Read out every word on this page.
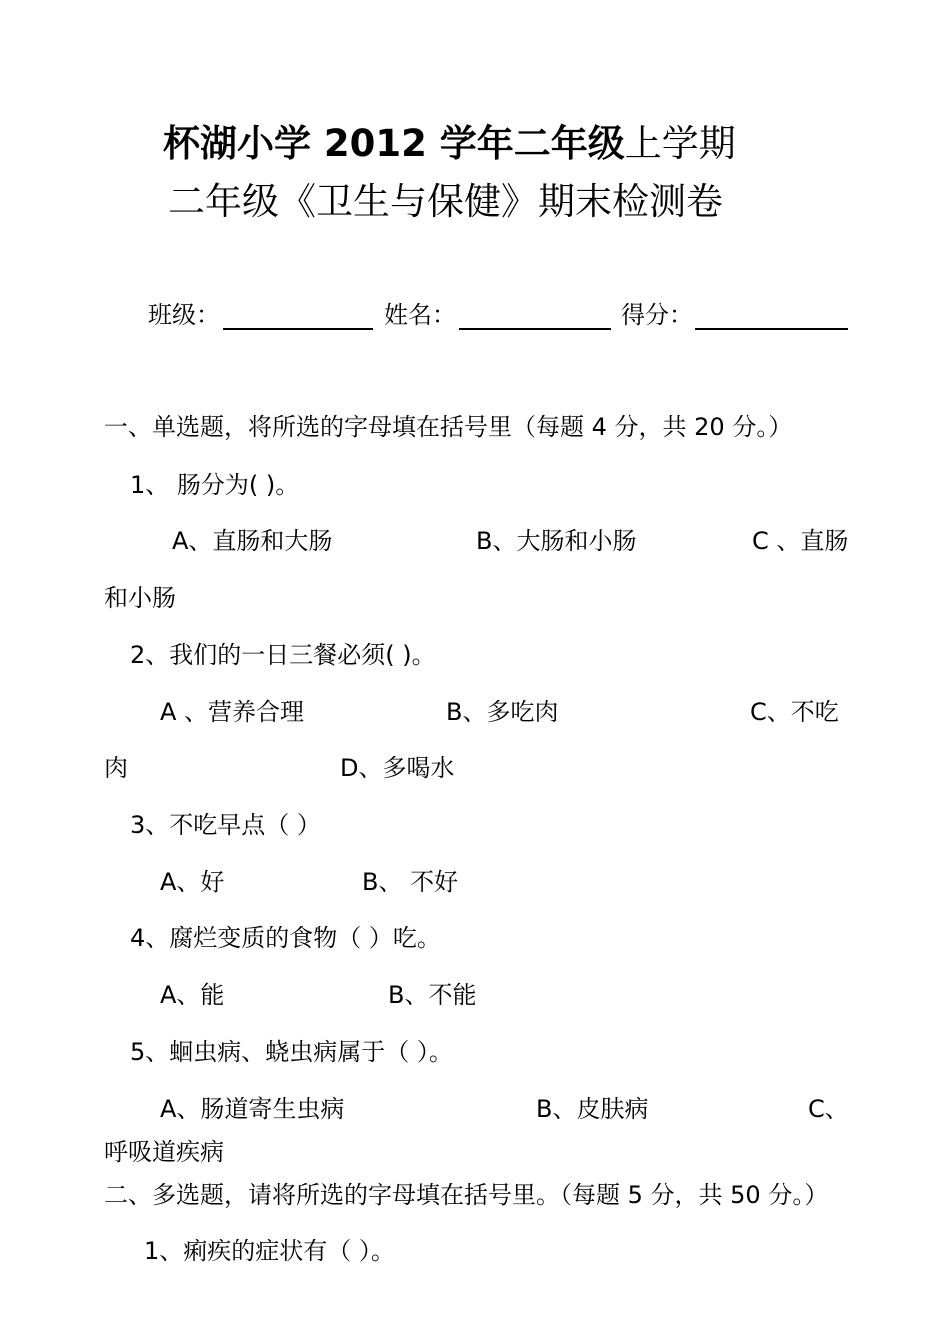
杯湖小学 2012 学年二年级上学期
二年级《卫生与保健》期末检测卷
班级：	姓名：	得分：
一、单选题，将所选的字母填在括号里（每题 4 分，共 20 分。）
1、 肠分为( )。
A、直肠和大肠	B、大肠和小肠	C 、直肠
和小肠
2、我们的一日三餐必须( )。
A 、营养合理	B、多吃肉	C、不吃
肉	D、多喝水
3、不吃早点（ ）
A、好	B、 不好
4、腐烂变质的食物（ ）吃。
A、能	B、不能
5、蛔虫病、蛲虫病属于（ ）。
A、肠道寄生虫病	B、皮肤病	C、
呼吸道疾病
二、多选题，请将所选的字母填在括号里。（每题 5 分，共 50 分。）
1、痢疾的症状有（ ）。
